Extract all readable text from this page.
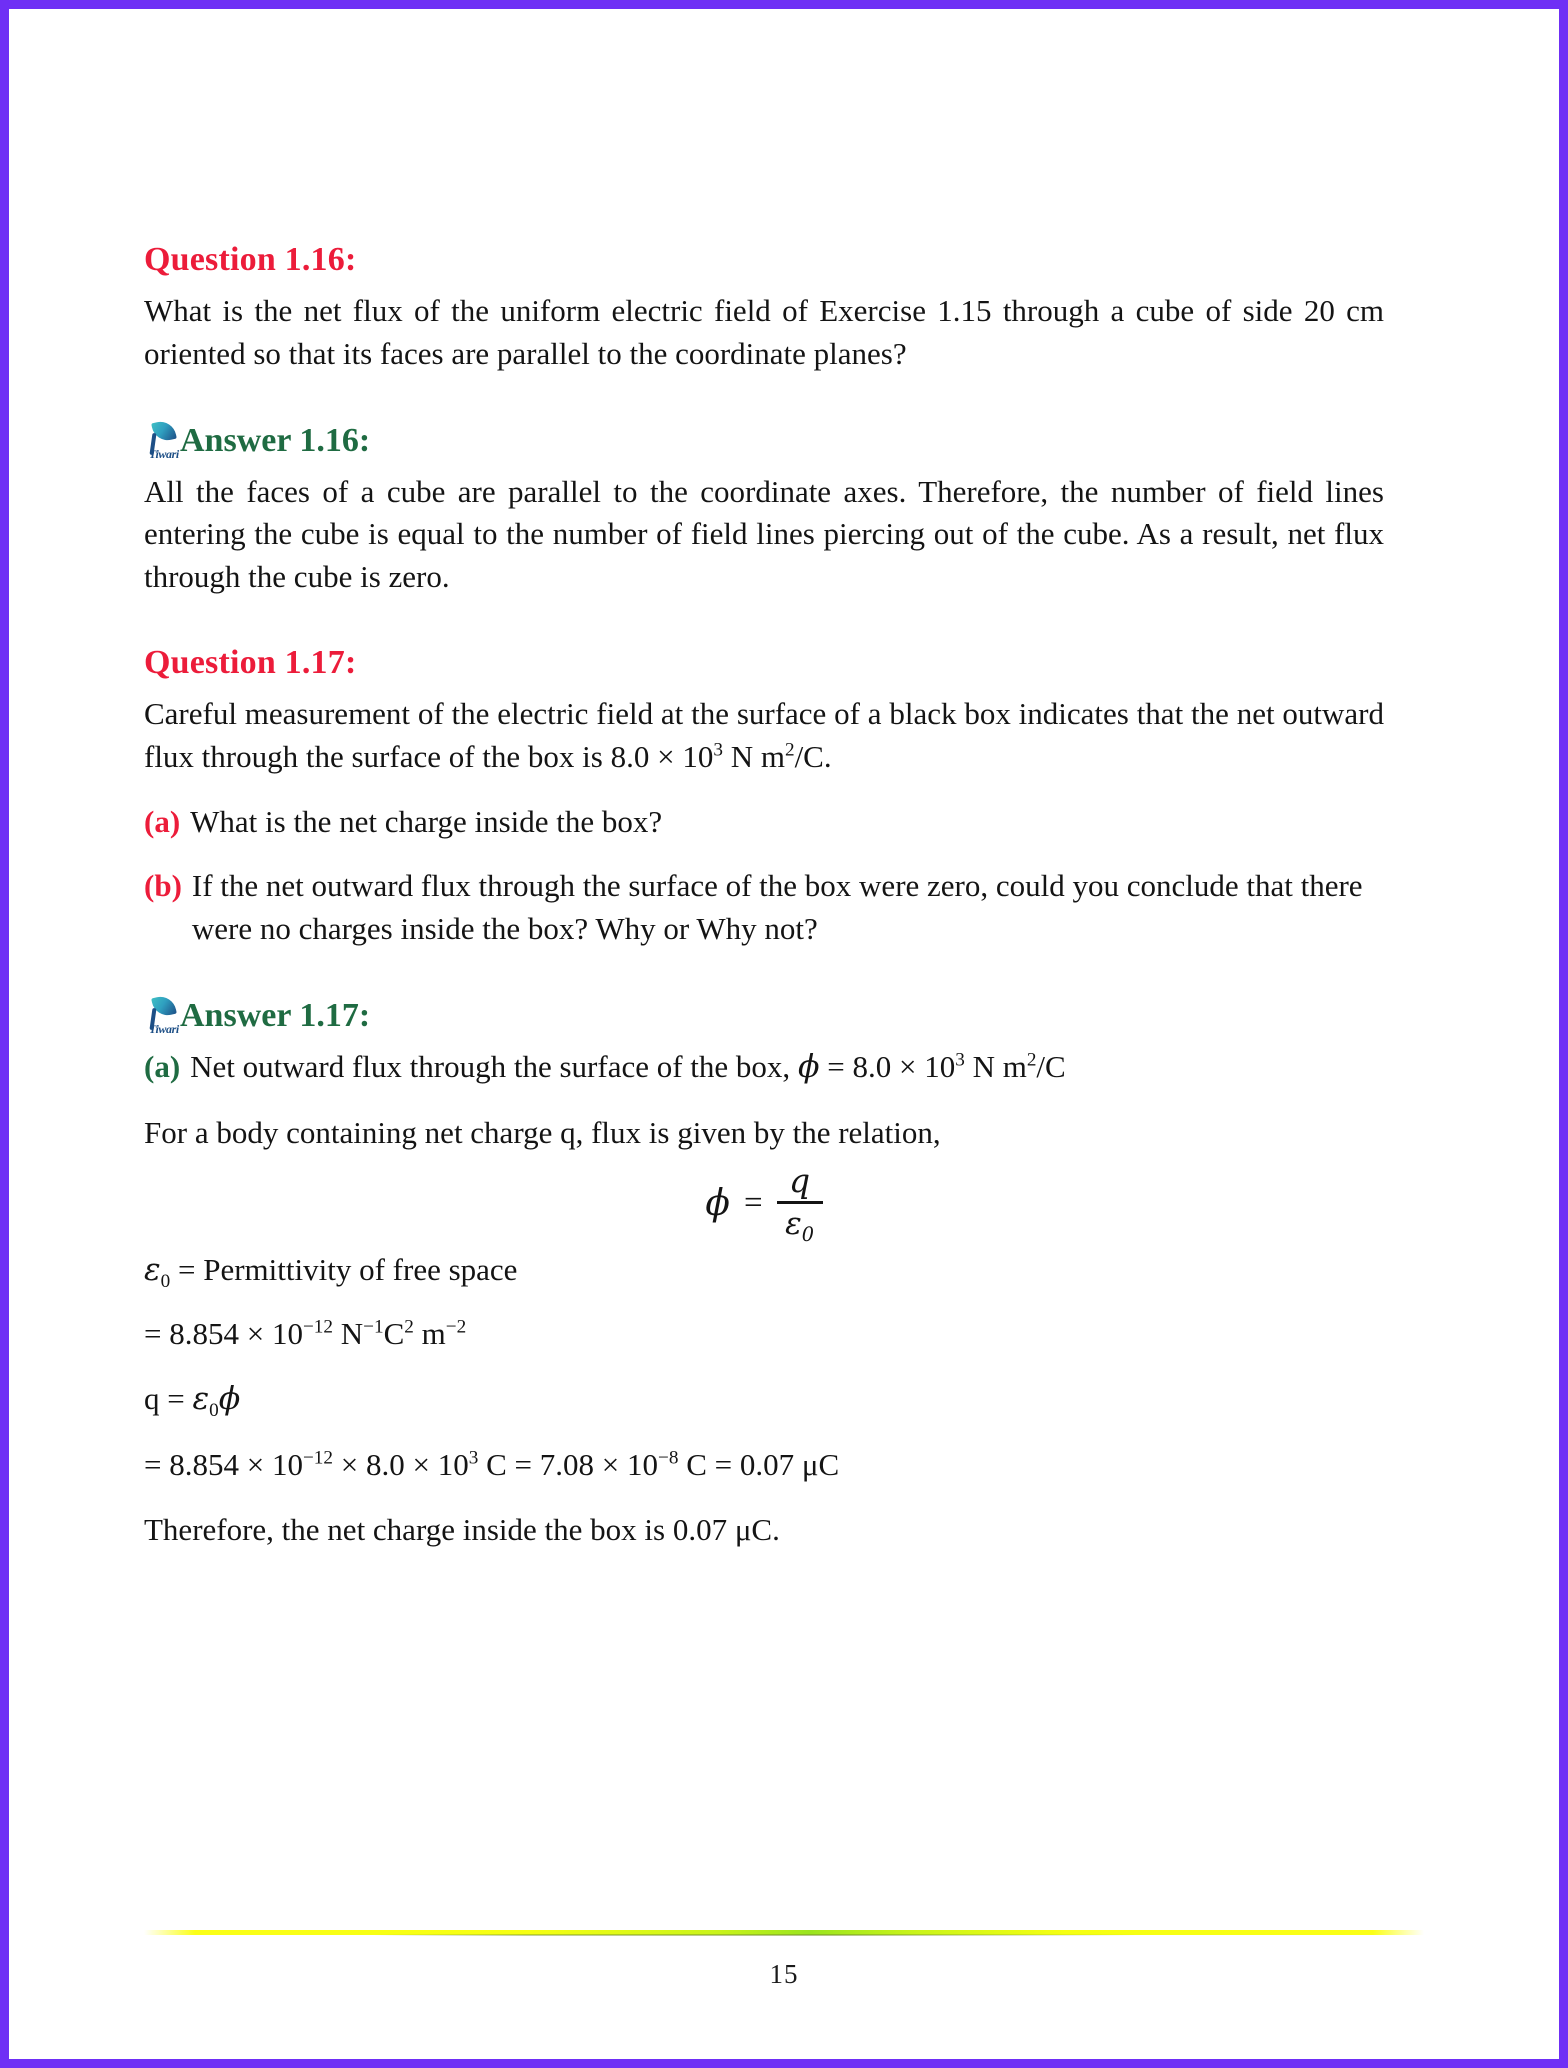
Question 1.16:

What is the net flux of the uniform electric field of Exercise 1.15 through a cube of side 20 cm oriented so that its faces are parallel to the coordinate planes?

Tiwari Answer 1.16:

All the faces of a cube are parallel to the coordinate axes. Therefore, the number of field lines entering the cube is equal to the number of field lines piercing out of the cube. As a result, net flux through the cube is zero.

Question 1.17:

Careful measurement of the electric field at the surface of a black box indicates that the net outward flux through the surface of the box is $8.0 \times 10^3$ N $m^2/C$.

(a) What is the net charge inside the box?
(b) If the net outward flux through the surface of the box were zero, could you conclude that there were no charges inside the box? Why or Why not?
Tiwari Answer 1.17:
(a) Net outward flux through the surface of the box, $\phi = 8.0 \times 10^3$ N $m^2/C$

For a body containing net charge q, flux is given by the relation,

$\phi = \frac{q}{\varepsilon_0}$

$\varepsilon_0$ = Permittivity of free space

= $8.854 \times 10^{-12}$ $N^{-1}C^2$ $m^{-2}$

$q = \varepsilon_0\phi$

= $8.854 \times 10^{-12} \times 8.0 \times 10^3$ $C = 7.08 \times 10^{-8}$ C = 0.07 μC

Therefore, the net charge inside the box is 0.07 μC.

15
